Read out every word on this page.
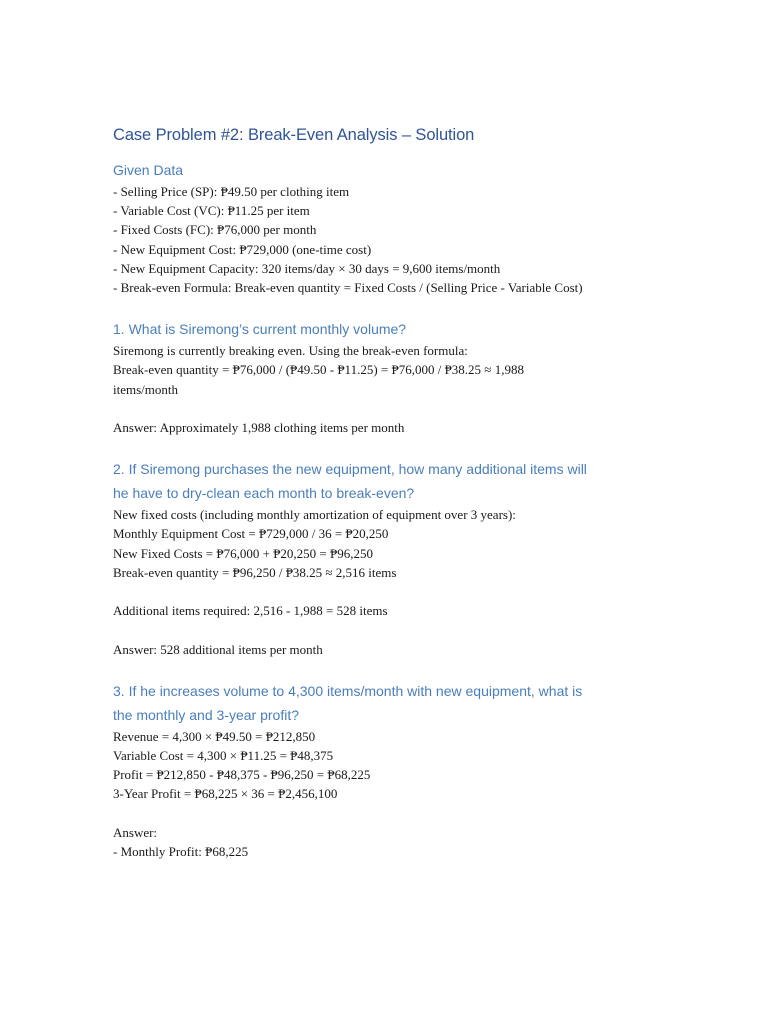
Case Problem #2: Break-Even Analysis – Solution
Given Data
- Selling Price (SP): ₱49.50 per clothing item
- Variable Cost (VC): ₱11.25 per item
- Fixed Costs (FC): ₱76,000 per month
- New Equipment Cost: ₱729,000 (one-time cost)
- New Equipment Capacity: 320 items/day × 30 days = 9,600 items/month
- Break-even Formula: Break-even quantity = Fixed Costs / (Selling Price - Variable Cost)
1. What is Siremong’s current monthly volume?
Siremong is currently breaking even. Using the break-even formula:
Break-even quantity = ₱76,000 / (₱49.50 - ₱11.25) = ₱76,000 / ₱38.25 ≈ 1,988
items/month
Answer: Approximately 1,988 clothing items per month
2. If Siremong purchases the new equipment, how many additional items will
he have to dry-clean each month to break-even?
New fixed costs (including monthly amortization of equipment over 3 years):
Monthly Equipment Cost = ₱729,000 / 36 = ₱20,250
New Fixed Costs = ₱76,000 + ₱20,250 = ₱96,250
Break-even quantity = ₱96,250 / ₱38.25 ≈ 2,516 items
Additional items required: 2,516 - 1,988 = 528 items
Answer: 528 additional items per month
3. If he increases volume to 4,300 items/month with new equipment, what is
the monthly and 3-year profit?
Revenue = 4,300 × ₱49.50 = ₱212,850
Variable Cost = 4,300 × ₱11.25 = ₱48,375
Profit = ₱212,850 - ₱48,375 - ₱96,250 = ₱68,225
3-Year Profit = ₱68,225 × 36 = ₱2,456,100
Answer:
- Monthly Profit: ₱68,225
